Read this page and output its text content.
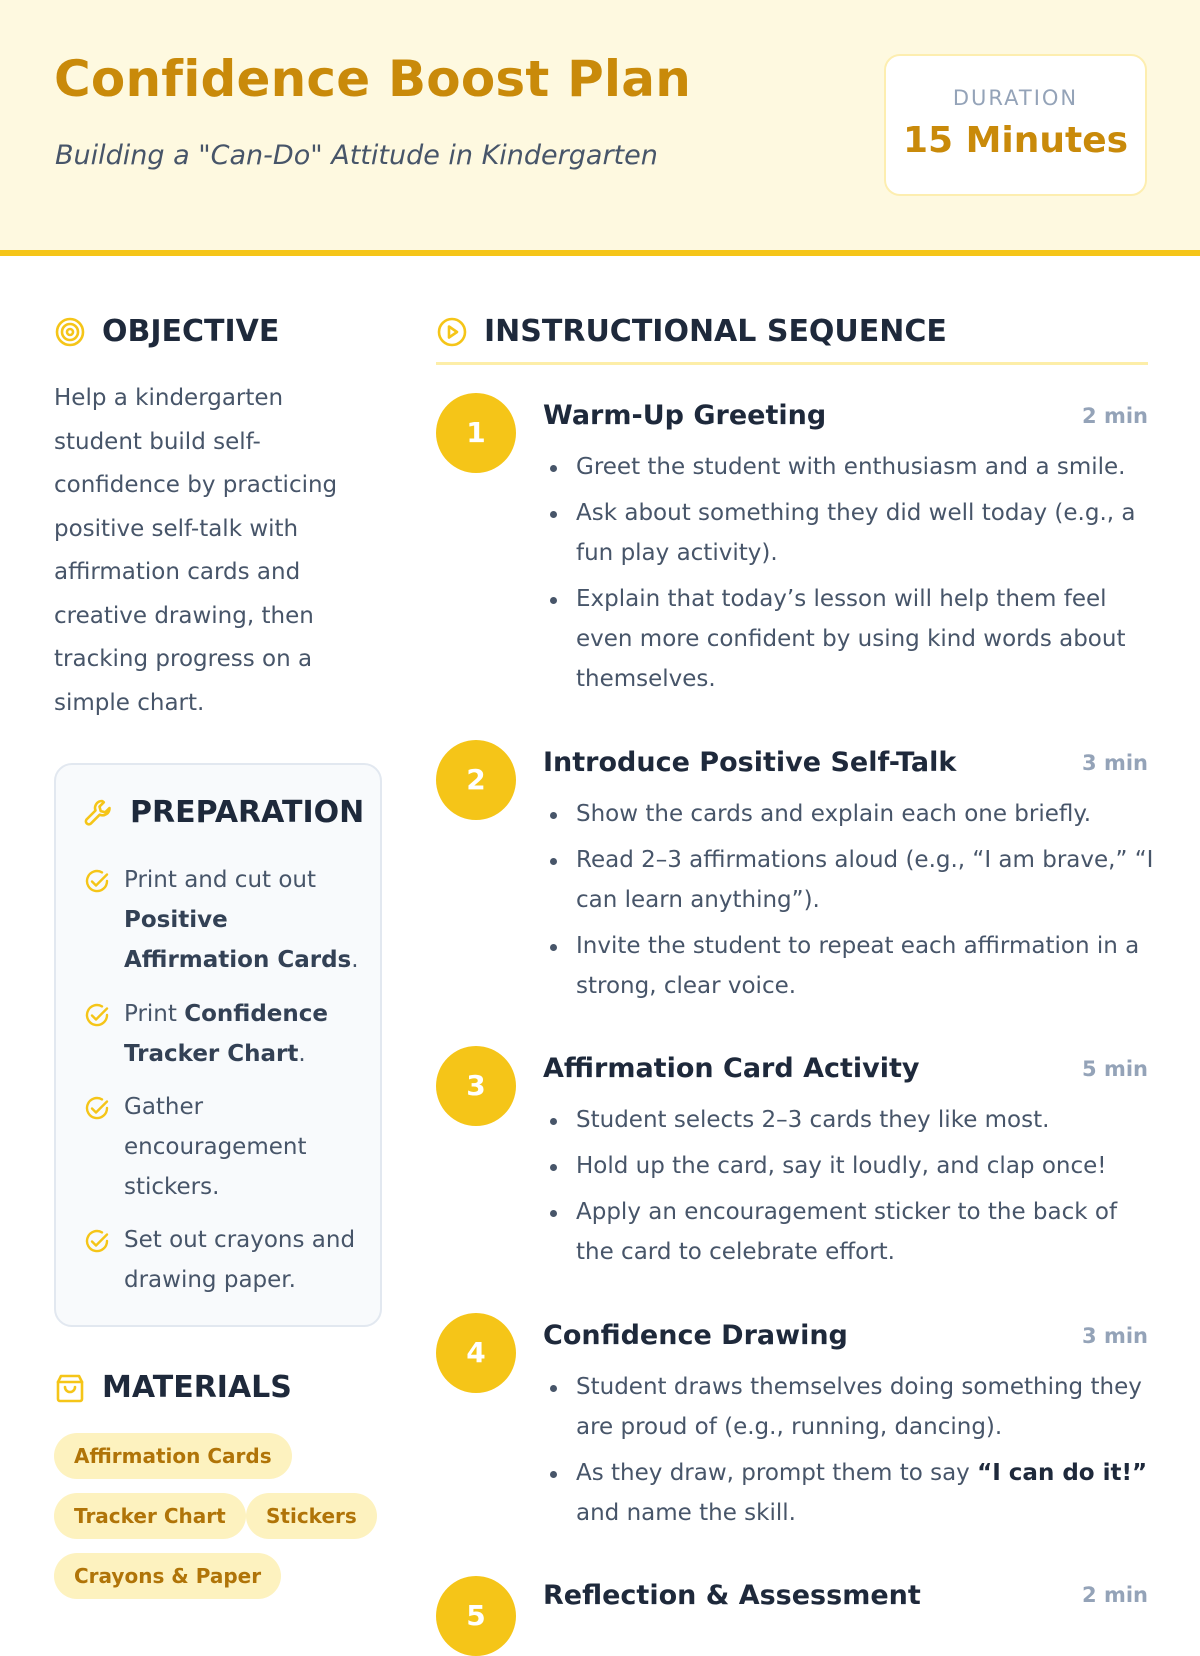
Confidence Boost Plan
Building a "Can-Do" Attitude in Kindergarten
DURATION
15 Minutes
OBJECTIVE
Help a kindergarten student build self-confidence by practicing positive self-talk with affirmation cards and creative drawing, then tracking progress on a simple chart.
PREPARATION
Print and cut out Positive Affirmation Cards.
Print Confidence Tracker Chart.
Gather encouragement stickers.
Set out crayons and drawing paper.
MATERIALS
Affirmation Cards
Tracker Chart	Stickers
Crayons & Paper
INSTRUCTIONAL SEQUENCE
1
Warm-Up Greeting	2 min
Greet the student with enthusiasm and a smile.
Ask about something they did well today (e.g., a fun play activity).
Explain that today’s lesson will help them feel even more confident by using kind words about themselves.
2
Introduce Positive Self-Talk	3 min
Show the cards and explain each one briefly.
Read 2–3 affirmations aloud (e.g., “I am brave,” “I can learn anything”).
Invite the student to repeat each affirmation in a strong, clear voice.
3
Affirmation Card Activity	5 min
Student selects 2–3 cards they like most.
Hold up the card, say it loudly, and clap once!
Apply an encouragement sticker to the back of the card to celebrate effort.
4
Confidence Drawing	3 min
Student draws themselves doing something they are proud of (e.g., running, dancing).
As they draw, prompt them to say “I can do it!” and name the skill.
5
Reflection & Assessment	2 min
